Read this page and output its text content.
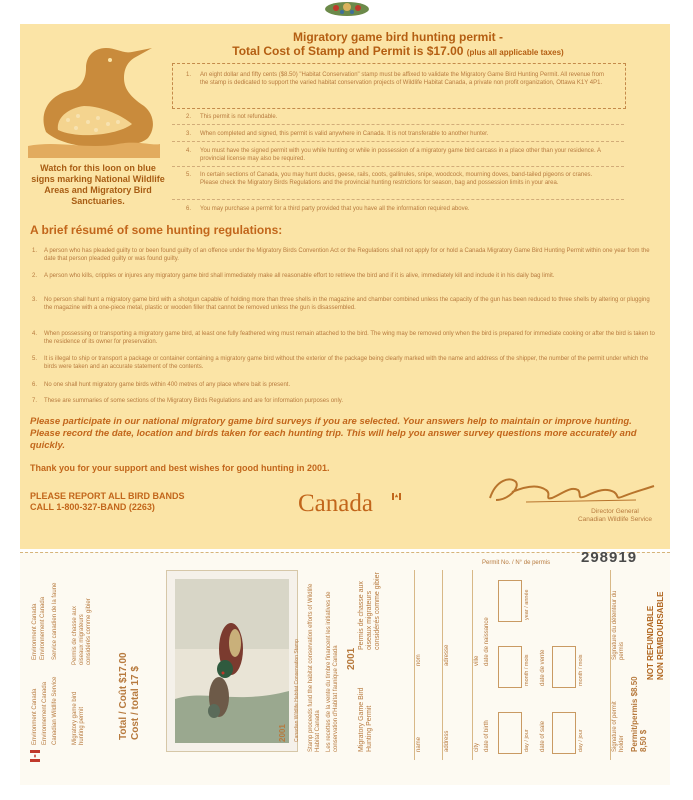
Watch for this loon on blue signs marking National Wildlife Areas and Migratory Bird Sanctuaries.
Migratory game bird hunting permit -
Total Cost of Stamp and Permit is $17.00 (plus all applicable taxes)
1. An eight dollar and fifty cents ($8.50) "Habitat Conservation" stamp must be affixed to validate the Migratory Game Bird Hunting Permit. All revenue from the stamp is dedicated to support the varied habitat conservation projects of Wildlife Habitat Canada, a private non profit organization, Ottawa K1Y 4P1.
2. This permit is not refundable.
3. When completed and signed, this permit is valid anywhere in Canada. It is not transferable to another hunter.
4. You must have the signed permit with you while hunting or while in possession of a migratory game bird carcass in a place other than your residence. A provincial license may also be required.
5. In certain sections of Canada, you may hunt ducks, geese, rails, coots, gallinules, snipe, woodcock, mourning doves, band-tailed pigeons or cranes. Please check the Migratory Birds Regulations and the provincial hunting restrictions for season, bag and possession limits in your area.
6. You may purchase a permit for a third party provided that you have all the information required above.
A brief résumé of some hunting regulations:
1. A person who has pleaded guilty to or been found guilty of an offence under the Migratory Birds Convention Act or the Regulations shall not apply for or hold a Canada Migratory Game Bird Hunting Permit within one year from the date that person pleaded guilty or was found guilty.
2. A person who kills, cripples or injures any migratory game bird shall immediately make all reasonable effort to retrieve the bird and if it is alive, immediately kill and include it in his daily bag limit.
3. No person shall hunt a migratory game bird with a shotgun capable of holding more than three shells in the magazine and chamber combined unless the capacity of the gun has been reduced to three shells by altering or plugging the magazine with a one-piece metal, plastic or wooden filler that cannot be removed unless the gun is disassembled.
4. When possessing or transporting a migratory game bird, at least one fully feathered wing must remain attached to the bird. The wing may be removed only when the bird is prepared for immediate cooking or after the bird is taken to the residence of its owner for preservation.
5. It is illegal to ship or transport a package or container containing a migratory game bird without the exterior of the package being clearly marked with the name and address of the shipper, the number of the permit under which the birds were taken and an accurate statement of the contents.
6. No one shall hunt migratory game birds within 400 metres of any place where bait is present.
7. These are summaries of some sections of the Migratory Birds Regulations and are for information purposes only.
Please participate in our national migratory game bird surveys if you are selected. Your answers help to maintain or improve hunting. Please record the date, location and birds taken for each hunting trip. This will help you answer survey questions more accurately and quickly.
Thank you for your support and best wishes for good hunting in 2001.
PLEASE REPORT ALL BIRD BANDS
CALL 1-800-327-BAND (2263)	Canada	Director General
Canadian Wildlife Service
Permit No. / N° de permis 298919
Environment Canada Environnement Canada
Environment Canada Environnement Canada
Canadian Wildlife Service
Service canadien de la faune
Migratory game bird hunting permit
Permis de chasse aux oiseaux migrateurs considérés comme gibier
Total / Coût $17.00 Cost / total 17 $	Canadian Wildlife Habitat Conservation Stamp
2001	Stamp proceeds fund the habitat conservation efforts of Wildlife Habitat Canada Les recettes de la vente du timbre financent les initiatives de conservation d'Habitat faunique Canada 2001
Migratory Game Bird Hunting Permit
Permis de chasse aux oiseaux migrateurs considérés comme gibier
name
nom
address
adresse
city
ville
date of birth
date de naissance
day / jour
month / mois
year / année
date of sale
date de vente
day / jour
month / mois
Signature of permit holder
Signature du détenteur du permis
Permit/permis $8.50 8,50 $
NOT REFUNDABLE NON REMBOURSABLE
